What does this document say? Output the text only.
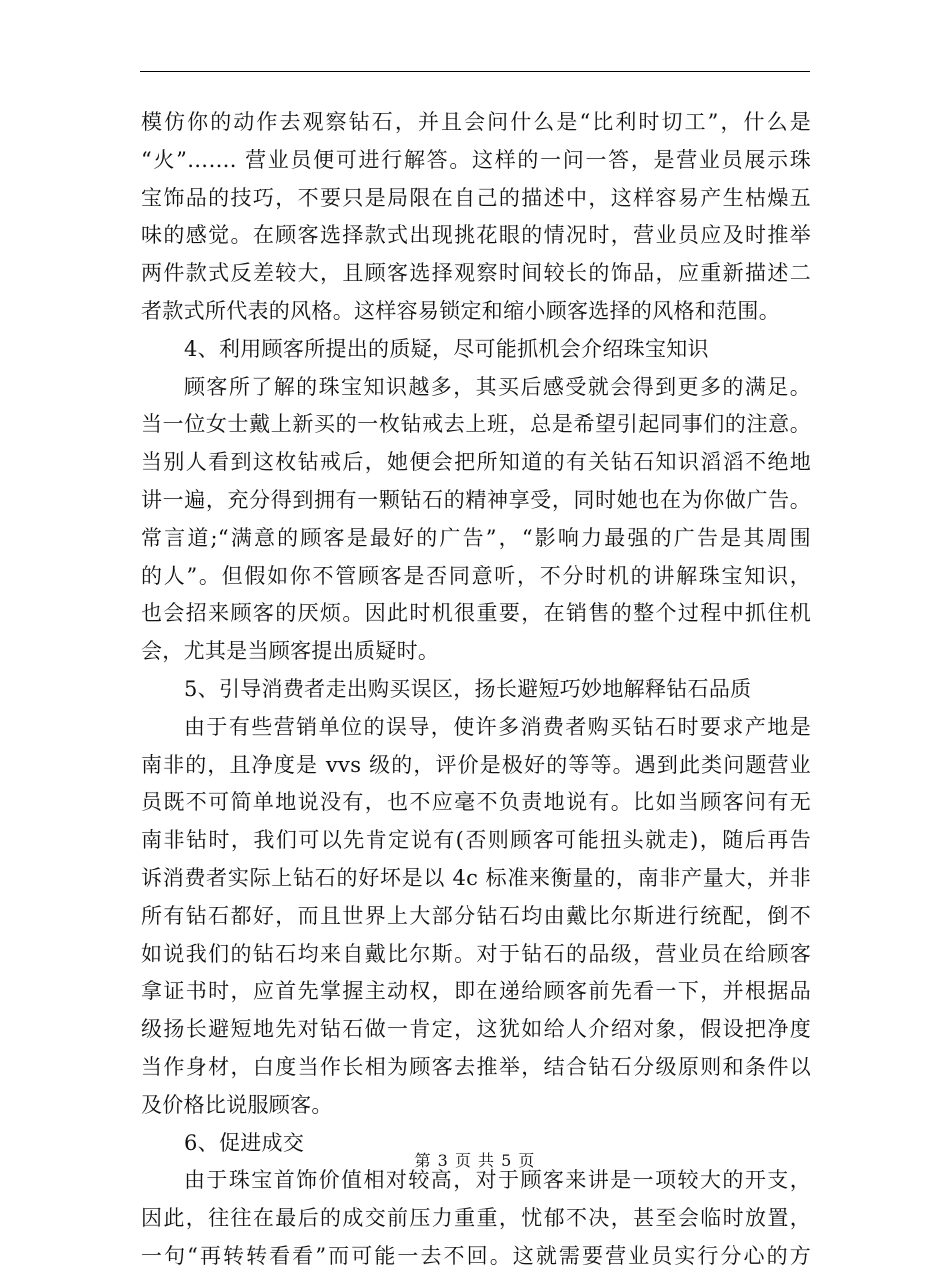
模仿你的动作去观察钻石，并且会问什么是“比利时切工”，什么是
“火”……. 营业员便可进行解答。这样的一问一答，是营业员展示珠
宝饰品的技巧，不要只是局限在自己的描述中，这样容易产生枯燥五
味的感觉。在顾客选择款式出现挑花眼的情况时，营业员应及时推举
两件款式反差较大，且顾客选择观察时间较长的饰品，应重新描述二
者款式所代表的风格。这样容易锁定和缩小顾客选择的风格和范围。
4、利用顾客所提出的质疑，尽可能抓机会介绍珠宝知识
顾客所了解的珠宝知识越多，其买后感受就会得到更多的满足。
当一位女士戴上新买的一枚钻戒去上班，总是希望引起同事们的注意。
当别人看到这枚钻戒后，她便会把所知道的有关钻石知识滔滔不绝地
讲一遍，充分得到拥有一颗钻石的精神享受，同时她也在为你做广告。
常言道;“满意的顾客是最好的广告”，“影响力最强的广告是其周围
的人”。但假如你不管顾客是否同意听，不分时机的讲解珠宝知识，
也会招来顾客的厌烦。因此时机很重要，在销售的整个过程中抓住机
会，尤其是当顾客提出质疑时。
5、引导消费者走出购买误区，扬长避短巧妙地解释钻石品质
由于有些营销单位的误导，使许多消费者购买钻石时要求产地是
南非的，且净度是 vvs 级的，评价是极好的等等。遇到此类问题营业
员既不可简单地说没有，也不应毫不负责地说有。比如当顾客问有无
南非钻时，我们可以先肯定说有(否则顾客可能扭头就走)，随后再告
诉消费者实际上钻石的好坏是以 4c 标准来衡量的，南非产量大，并非
所有钻石都好，而且世界上大部分钻石均由戴比尔斯进行统配，倒不
如说我们的钻石均来自戴比尔斯。对于钻石的品级，营业员在给顾客
拿证书时，应首先掌握主动权，即在递给顾客前先看一下，并根据品
级扬长避短地先对钻石做一肯定，这犹如给人介绍对象，假设把净度
当作身材，白度当作长相为顾客去推举，结合钻石分级原则和条件以
及价格比说服顾客。
6、促进成交
由于珠宝首饰价值相对较高，对于顾客来讲是一项较大的开支，
因此，往往在最后的成交前压力重重，忧郁不决，甚至会临时放置，
一句“再转转看看”而可能一去不回。这就需要营业员实行分心的方
第 3 页 共 5 页
